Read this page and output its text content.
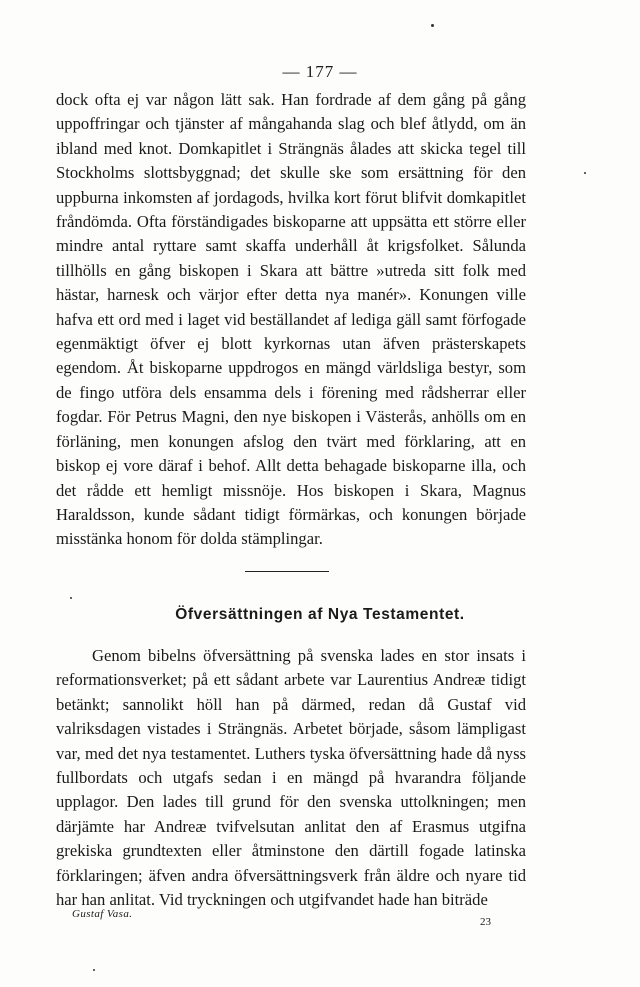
— 177 —

dock ofta ej var någon lätt sak. Han fordrade af dem gång på gång uppoffringar och tjänster af mångahanda slag och blef åtlydd, om än ibland med knot. Domkapitlet i Strängnäs ålades att skicka tegel till Stockholms slottsbyggnad; det skulle ske som ersättning för den uppburna inkomsten af jordagods, hvilka kort förut blifvit domkapitlet fråndömda. Ofta förständigades biskoparne att uppsätta ett större eller mindre antal ryttare samt skaffa underhåll åt krigsfolket. Sålunda tillhölls en gång biskopen i Skara att bättre »utreda sitt folk med hästar, harnesk och värjor efter detta nya manér». Konungen ville hafva ett ord med i laget vid beställandet af lediga gäll samt förfogade egenmäktigt öfver ej blott kyrkornas utan äfven prästerskapets egendom. Åt biskoparne uppdrogos en mängd världsliga bestyr, som de fingo utföra dels ensamma dels i förening med rådsherrar eller fogdar. För Petrus Magni, den nye biskopen i Västerås, anhölls om en förläning, men konungen afslog den tvärt med förklaring, att en biskop ej vore däraf i behof. Allt detta behagade biskoparne illa, och det rådde ett hemligt missnöje. Hos biskopen i Skara, Magnus Haraldsson, kunde sådant tidigt förmärkas, och konungen började misstänka honom för dolda stämplingar.

Öfversättningen af Nya Testamentet.

Genom bibelns öfversättning på svenska lades en stor insats i reformationsverket; på ett sådant arbete var Laurentius Andreæ tidigt betänkt; sannolikt höll han på därmed, redan då Gustaf vid valriksdagen vistades i Strängnäs. Arbetet började, såsom lämpligast var, med det nya testamentet. Luthers tyska öfversättning hade då nyss fullbordats och utgafs sedan i en mängd på hvarandra följande upplagor. Den lades till grund för den svenska uttolkningen; men därjämte har Andreæ tvifvelsutan anlitat den af Erasmus utgifna grekiska grundtexten eller åtminstone den därtill fogade latinska förklaringen; äfven andra öfversättningsverk från äldre och nyare tid har han anlitat. Vid tryckningen och utgifvandet hade han biträde

Gustaf Vasa.
23
